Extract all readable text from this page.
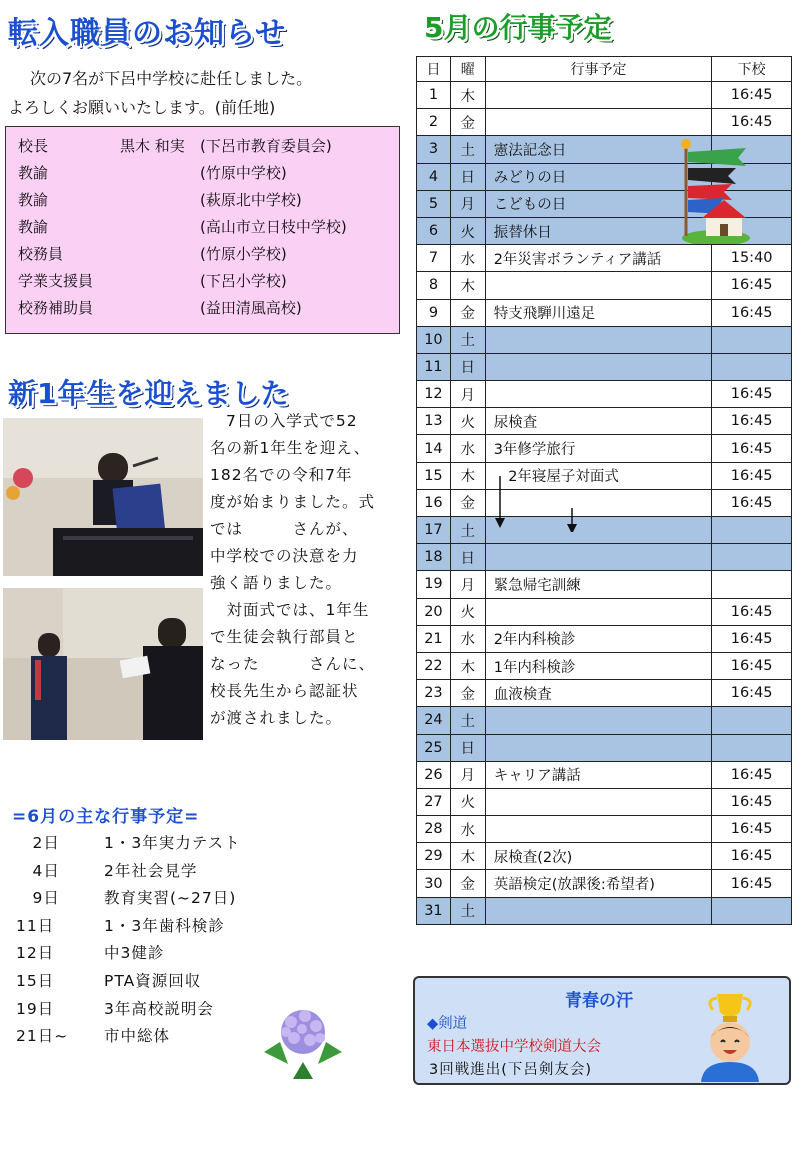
転入職員のお知らせ
次の7名が下呂中学校に赴任しました。
よろしくお願いいたします。(前任地)
校長	黒木 和実 (下呂市教育委員会)
教諭	(竹原中学校)
教諭	(萩原北中学校)
教諭	(高山市立日枝中学校)
校務員	(竹原小学校)
学業支援員	(下呂小学校)
校務補助員	(益田清風高校)
新1年生を迎えました
7日の入学式で52
名の新1年生を迎え、
182名での令和7年
度が始まりました。式
では　　　さんが、
中学校での決意を力
強く語りました。
　対面式では、1年生
で生徒会執行部員と
なった　　　さんに、
校長先生から認証状
が渡されました。
=6月の主な行事予定=
　2日	1・3年実力テスト
　4日	2年社会見学
　9日	教育実習(~27日)
11日	1・3年歯科検診
12日	中3健診
15日	PTA資源回収
19日	3年高校説明会
21日~	市中総体
5月の行事予定
日	曜	行事予定	下校
1	木		16:45
2	金		16:45
3	土	憲法記念日	
4	日	みどりの日	
5	月	こどもの日	
6	火	振替休日	
7	水	2年災害ボランティア講話	15:40
8	木		16:45
9	金	特支飛騨川遠足	16:45
10	土		
11	日		
12	月		16:45
13	火	尿検査	16:45
14	水	3年修学旅行	16:45
15	木	　2年寝屋子対面式	16:45
16	金		16:45
17	土		
18	日		
19	月	緊急帰宅訓練	
20	火		16:45
21	水	2年内科検診	16:45
22	木	1年内科検診	16:45
23	金	血液検査	16:45
24	土		
25	日		
26	月	キャリア講話	16:45
27	火		16:45
28	水		16:45
29	木	尿検査(2次)	16:45
30	金	英語検定(放課後:希望者)	16:45
31	土		
青春の汗
◆剣道
東日本選抜中学校剣道大会
3回戦進出(下呂剣友会)
